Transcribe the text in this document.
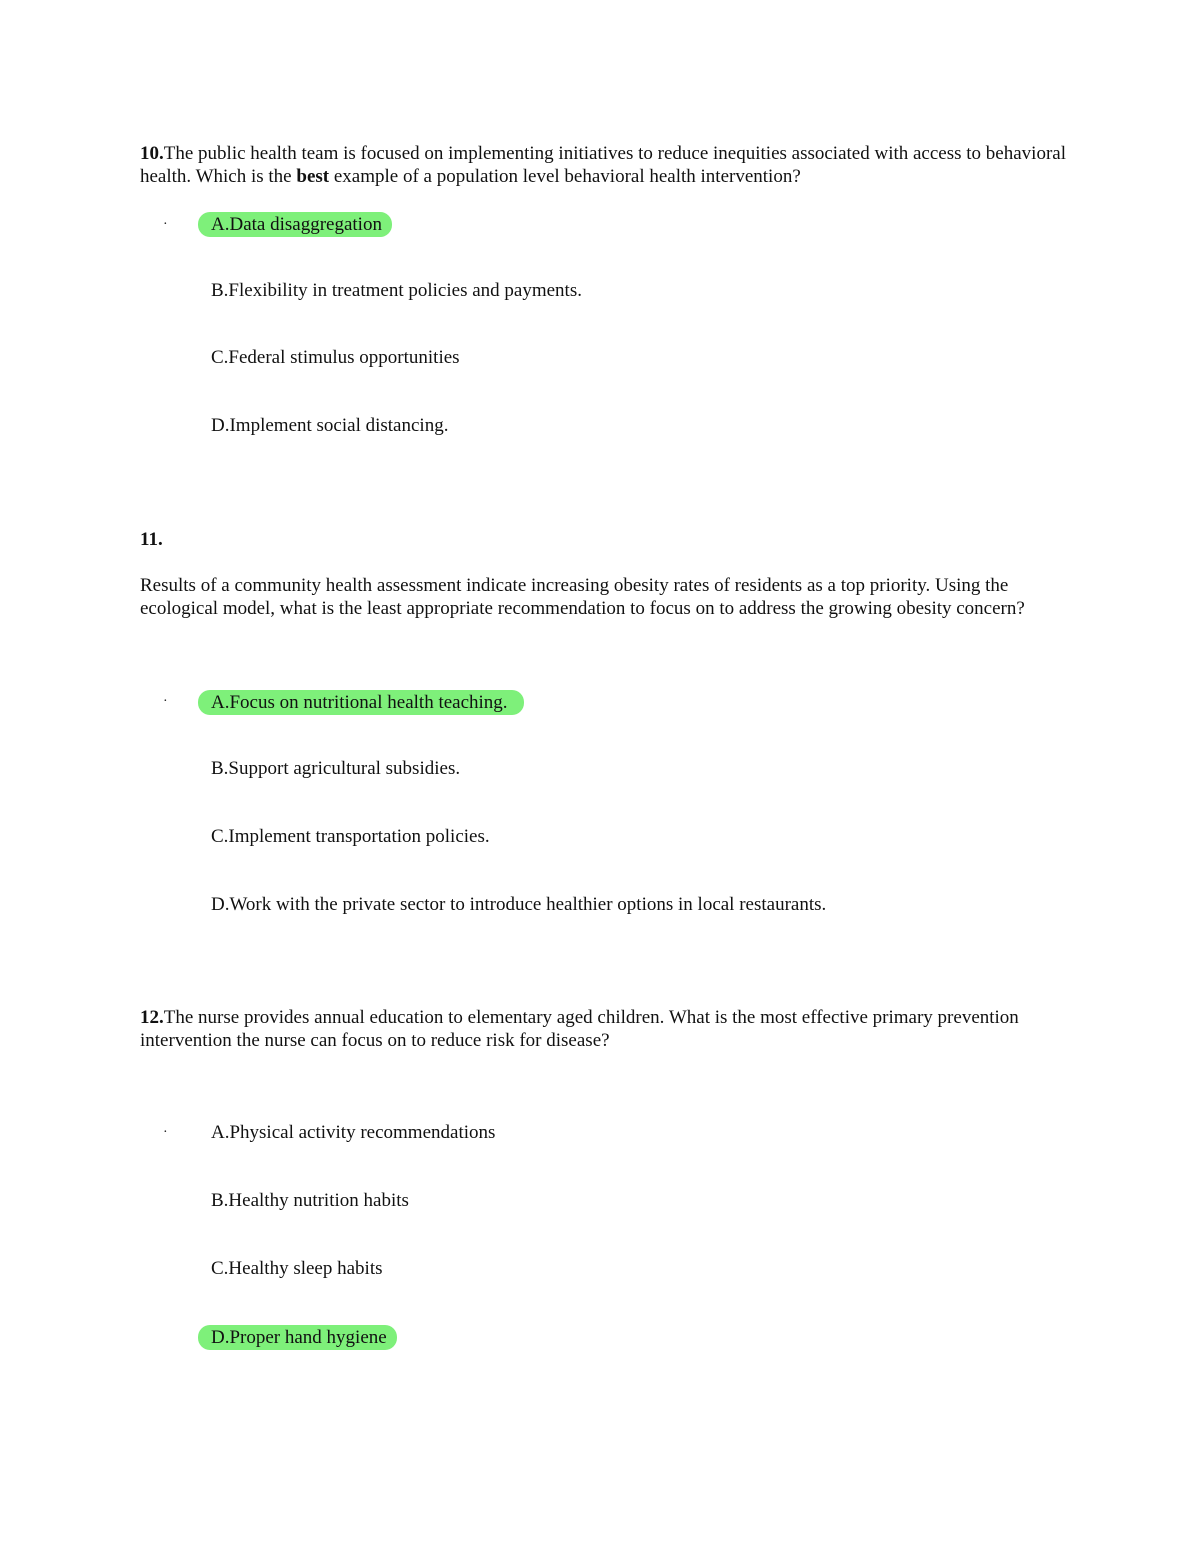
10.The public health team is focused on implementing initiatives to reduce inequities associated with access to behavioral health. Which is the best example of a population level behavioral health intervention?

·	A.Data disaggregation
B.Flexibility in treatment policies and payments.
C.Federal stimulus opportunities
D.Implement social distancing.

11.

Results of a community health assessment indicate increasing obesity rates of residents as a top priority. Using the ecological model, what is the least appropriate recommendation to focus on to address the growing obesity concern?

·	A.Focus on nutritional health teaching.
B.Support agricultural subsidies.
C.Implement transportation policies.
D.Work with the private sector to introduce healthier options in local restaurants.

12.The nurse provides annual education to elementary aged children. What is the most effective primary prevention intervention the nurse can focus on to reduce risk for disease?

· A.Physical activity recommendations
B.Healthy nutrition habits
C.Healthy sleep habits
D.Proper hand hygiene
